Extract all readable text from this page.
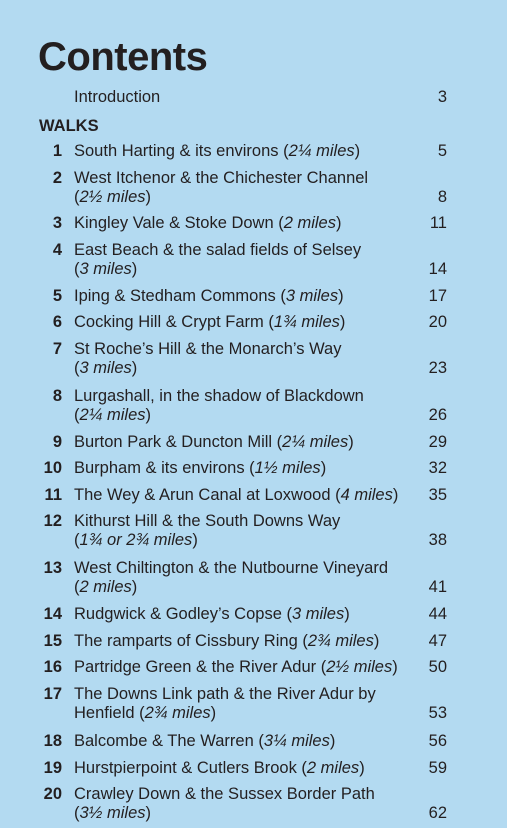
Contents
Introduction	3
WALKS
1 South Harting & its environs (2¼ miles)	5
2 West Itchenor & the Chichester Channel
(2½ miles)	8
3 Kingley Vale & Stoke Down (2 miles)	11
4 East Beach & the salad fields of Selsey
(3 miles)	14
5 Iping & Stedham Commons (3 miles)	17
6 Cocking Hill & Crypt Farm (1¾ miles)	20
7 St Roche’s Hill & the Monarch’s Way
(3 miles)	23
8 Lurgashall, in the shadow of Blackdown
(2¼ miles)	26
9 Burton Park & Duncton Mill (2¼ miles)	29
10 Burpham & its environs (1½ miles)	32
11 The Wey & Arun Canal at Loxwood (4 miles)	35
12 Kithurst Hill & the South Downs Way
(1¾ or 2¾ miles)	38
13 West Chiltington & the Nutbourne Vineyard
(2 miles)	41
14 Rudgwick & Godley’s Copse (3 miles)	44
15 The ramparts of Cissbury Ring (2¾ miles)	47
16 Partridge Green & the River Adur (2½ miles)	50
17 The Downs Link path & the River Adur by
Henfield (2¾ miles)	53
18 Balcombe & The Warren (3¼ miles)	56
19 Hurstpierpoint & Cutlers Brook (2 miles)	59
20 Crawley Down & the Sussex Border Path
(3½ miles)	62
